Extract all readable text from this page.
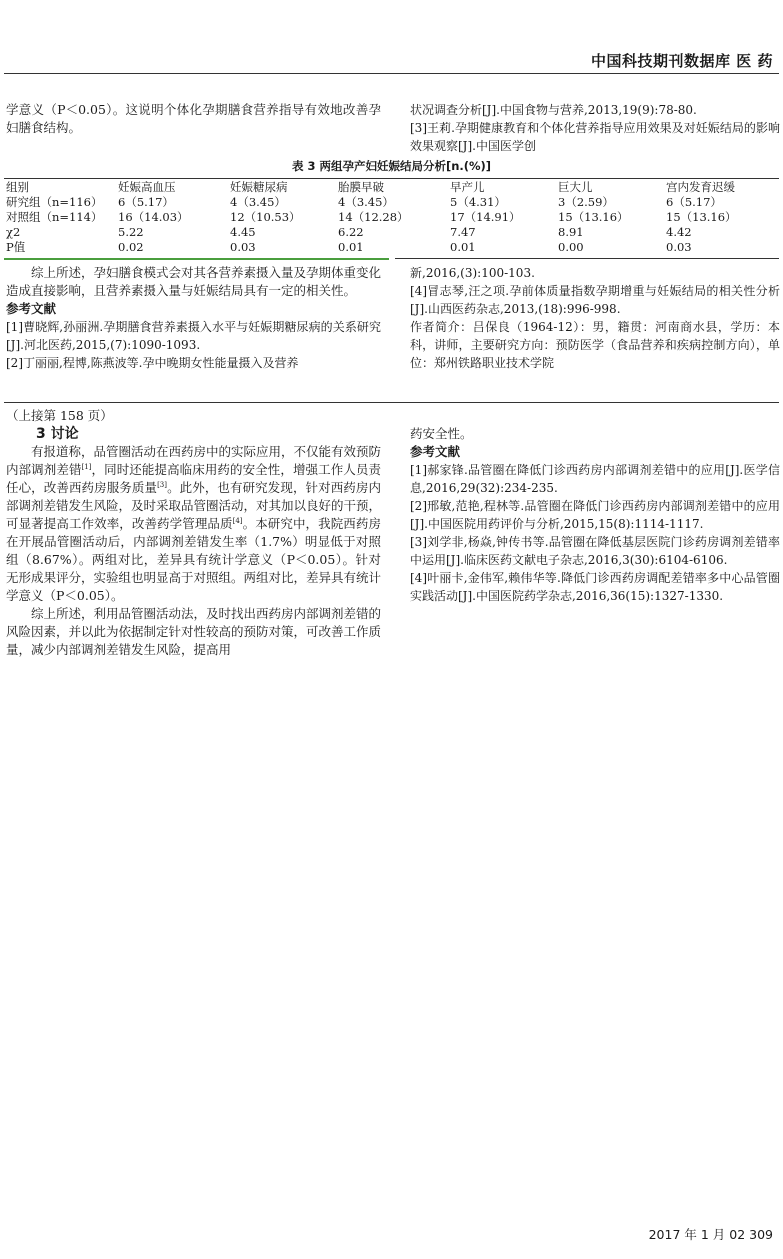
中国科技期刊数据库 医 药

学意义（P＜0.05）。这说明个体化孕期膳食营养指导有效地改善孕妇膳食结构。

状况调查分析[J].中国食物与营养,2013,19(9):78-80.

[3]王莉.孕期健康教育和个体化营养指导应用效果及对妊娠结局的影响效果观察[J].中国医学创

表 3 两组孕产妇妊娠结局分析[n.(%)]
组别	妊娠高血压	妊娠糖尿病	胎膜早破	早产儿	巨大儿	宫内发育迟缓
研究组（n=116）	6（5.17）	4（3.45）	4（3.45）	5（4.31）	3（2.59）	6（5.17）
对照组（n=114）	16（14.03）	12（10.53）	14（12.28）	17（14.91）	15（13.16）	15（13.16）
χ2	5.22	4.45	6.22	7.47	8.91	4.42
P值	0.02	0.03	0.01	0.01	0.00	0.03

综上所述，孕妇膳食模式会对其各营养素摄入量及孕期体重变化造成直接影响，且营养素摄入量与妊娠结局具有一定的相关性。

参考文献

[1]曹晓辉,孙丽洲.孕期膳食营养素摄入水平与妊娠期糖尿病的关系研究[J].河北医药,2015,(7):1090-1093.

[2]丁丽丽,程博,陈燕波等.孕中晚期女性能量摄入及营养

新,2016,(3):100-103.

[4]冒志琴,汪之项.孕前体质量指数孕期增重与妊娠结局的相关性分析[J].山西医药杂志,2013,(18):996-998.

作者简介：吕保良（1964-12）：男，籍贯：河南商水县，学历：本科，讲师，主要研究方向：预防医学（食品营养和疾病控制方向），单位：郑州铁路职业技术学院

（上接第 158 页）

3 讨论

有报道称，品管圈活动在西药房中的实际应用，不仅能有效预防内部调剂差错[1]，同时还能提高临床用药的安全性，增强工作人员责任心，改善西药房服务质量[3]。此外，也有研究发现，针对西药房内部调剂差错发生风险，及时采取品管圈活动，对其加以良好的干预，可显著提高工作效率，改善药学管理品质[4]。本研究中，我院西药房在开展品管圈活动后，内部调剂差错发生率（1.7%）明显低于对照组（8.67%）。两组对比，差异具有统计学意义（P＜0.05）。针对无形成果评分，实验组也明显高于对照组。两组对比，差异具有统计学意义（P＜0.05）。

综上所述，利用品管圈活动法，及时找出西药房内部调剂差错的风险因素，并以此为依据制定针对性较高的预防对策，可改善工作质量，减少内部调剂差错发生风险，提高用

药安全性。

参考文献

[1]郝家锋.品管圈在降低门诊西药房内部调剂差错中的应用[J].医学信息,2016,29(32):234-235.

[2]邢敏,范艳,程林等.品管圈在降低门诊西药房内部调剂差错中的应用[J].中国医院用药评价与分析,2015,15(8):1114-1117.

[3]刘学非,杨焱,钟传书等.品管圈在降低基层医院门诊药房调剂差错率中运用[J].临床医药文献电子杂志,2016,3(30):6104-6106.

[4]叶丽卡,金伟军,赖伟华等.降低门诊西药房调配差错率多中心品管圈实践活动[J].中国医院药学杂志,2016,36(15):1327-1330.

2017 年 1 月 02 309
